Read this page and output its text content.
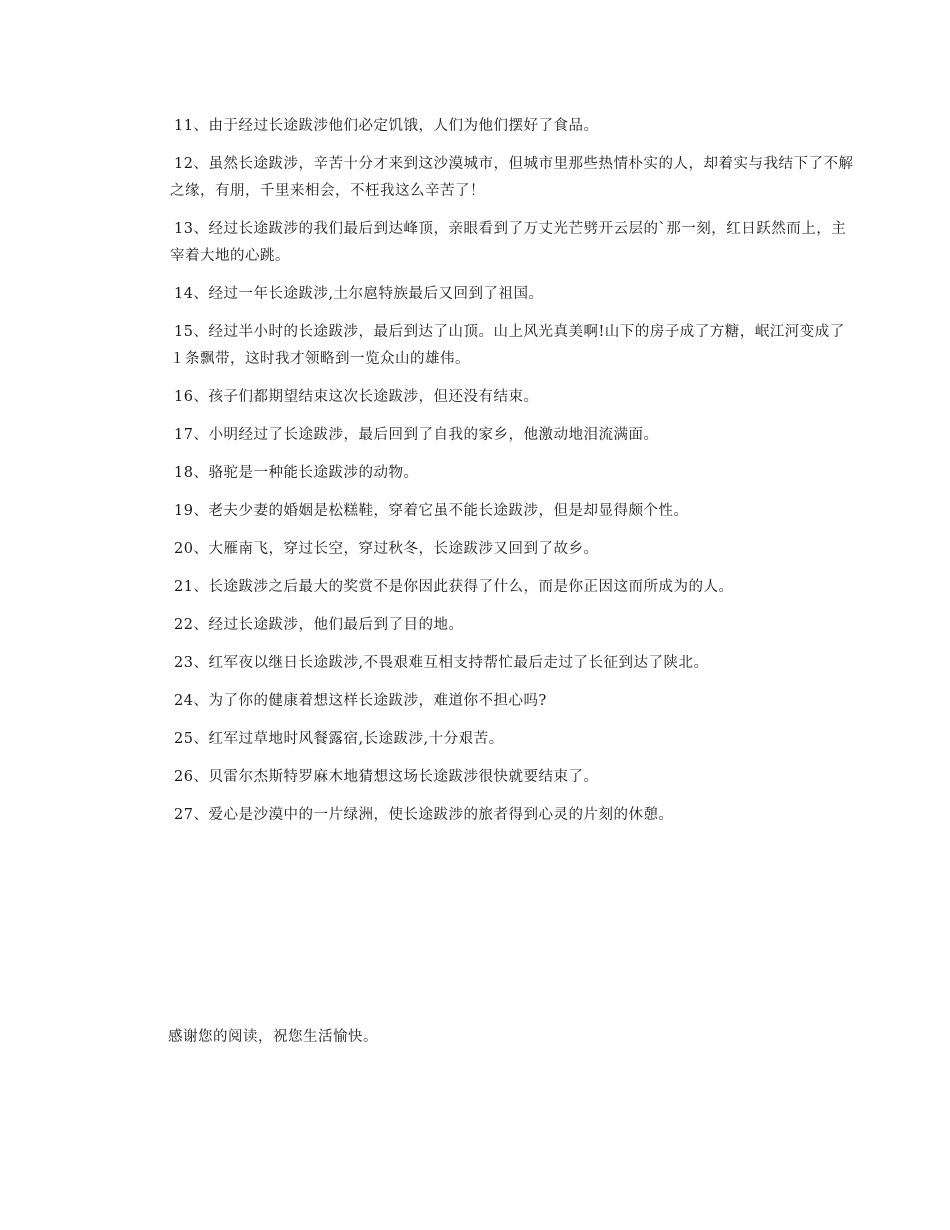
11、由于经过长途跋涉他们必定饥饿，人们为他们摆好了食品。

12、虽然长途跋涉，辛苦十分才来到这沙漠城市，但城市里那些热情朴实的人，却着实与我结下了不解之缘，有朋，千里来相会，不枉我这么辛苦了！

13、经过长途跋涉的我们最后到达峰顶，亲眼看到了万丈光芒劈开云层的`那一刻，红日跃然而上，主宰着大地的心跳。

14、经过一年长途跋涉,土尔扈特族最后又回到了祖国。

15、经过半小时的长途跋涉，最后到达了山顶。山上风光真美啊!山下的房子成了方糖，岷江河变成了１条飘带，这时我才领略到一览众山的雄伟。

16、孩子们都期望结束这次长途跋涉，但还没有结束。

17、小明经过了长途跋涉，最后回到了自我的家乡，他激动地泪流满面。

18、骆驼是一种能长途跋涉的动物。

19、老夫少妻的婚姻是松糕鞋，穿着它虽不能长途跋涉，但是却显得颇个性。

20、大雁南飞，穿过长空，穿过秋冬，长途跋涉又回到了故乡。

21、长途跋涉之后最大的奖赏不是你因此获得了什么，而是你正因这而所成为的人。

22、经过长途跋涉，他们最后到了目的地。

23、红军夜以继日长途跋涉,不畏艰难互相支持帮忙最后走过了长征到达了陕北。

24、为了你的健康着想这样长途跋涉，难道你不担心吗?

25、红军过草地时风餐露宿,长途跋涉,十分艰苦。

26、贝雷尔杰斯特罗麻木地猜想这场长途跋涉很快就要结束了。

27、爱心是沙漠中的一片绿洲，使长途跋涉的旅者得到心灵的片刻的休憩。

感谢您的阅读，祝您生活愉快。
